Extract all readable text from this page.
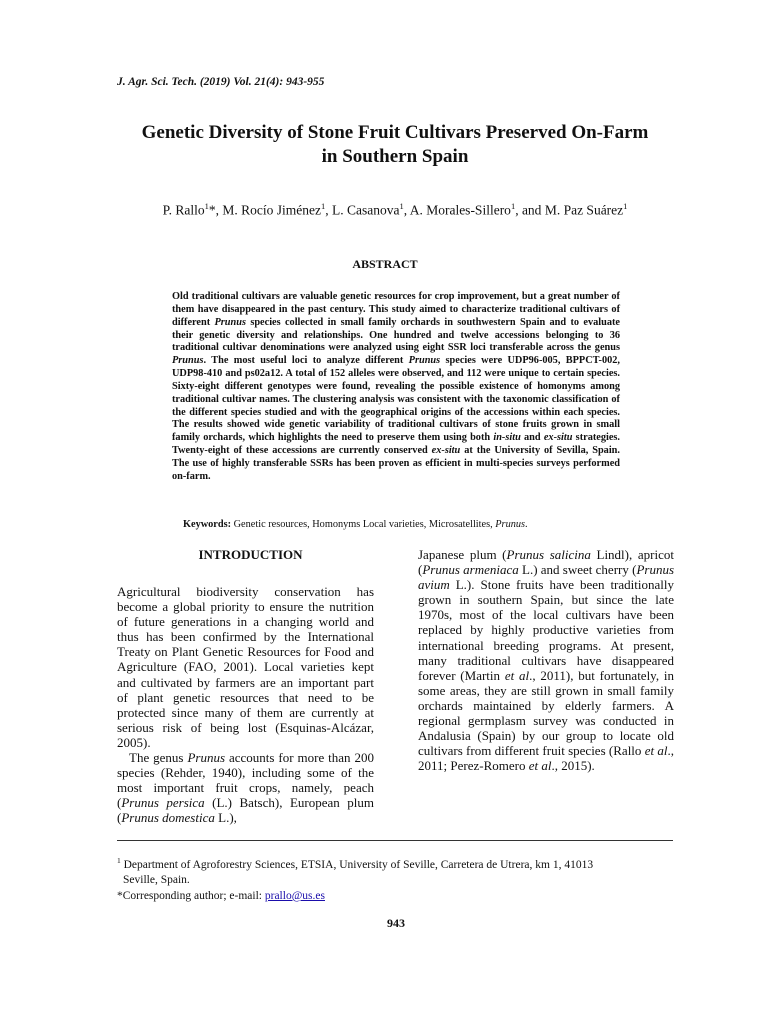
J. Agr. Sci. Tech. (2019) Vol. 21(4): 943-955
Genetic Diversity of Stone Fruit Cultivars Preserved On-Farm
in Southern Spain
P. Rallo$^1$*, M. Rocío Jiménez$^1$, L. Casanova$^1$, A. Morales-Sillero$^1$, and M. Paz Suárez$^1$
ABSTRACT

Old traditional cultivars are valuable genetic resources for crop improvement, but a great number of them have disappeared in the past century. This study aimed to characterize traditional cultivars of different Prunus species collected in small family orchards in southwestern Spain and to evaluate their genetic diversity and relationships. One hundred and twelve accessions belonging to 36 traditional cultivar denominations were analyzed using eight SSR loci transferable across the genus Prunus. The most useful loci to analyze different Prunus species were UDP96-005, BPPCT-002, UDP98-410 and ps02a12. A total of 152 alleles were observed, and 112 were unique to certain species. Sixty-eight different genotypes were found, revealing the possible existence of homonyms among traditional cultivar names. The clustering analysis was consistent with the taxonomic classification of the different species studied and with the geographical origins of the accessions within each species. The results showed wide genetic variability of traditional cultivars of stone fruits grown in small family orchards, which highlights the need to preserve them using both in-situ and ex-situ strategies. Twenty-eight of these accessions are currently conserved ex-situ at the University of Sevilla, Spain. The use of highly transferable SSRs has been proven as efficient in multi-species surveys performed on-farm.

Keywords: Genetic resources, Homonyms Local varieties, Microsatellites, Prunus.
INTRODUCTION

Agricultural biodiversity conservation has become a global priority to ensure the nutrition of future generations in a changing world and thus has been confirmed by the International Treaty on Plant Genetic Resources for Food and Agriculture (FAO, 2001). Local varieties kept and cultivated by farmers are an important part of plant genetic resources that need to be protected since many of them are currently at serious risk of being lost (Esquinas-Alcázar, 2005).

The genus Prunus accounts for more than 200 species (Rehder, 1940), including some of the most important fruit crops, namely, peach (Prunus persica (L.) Batsch), European plum (Prunus domestica L.),

Japanese plum (Prunus salicina Lindl), apricot (Prunus armeniaca L.) and sweet cherry (Prunus avium L.). Stone fruits have been traditionally grown in southern Spain, but since the late 1970s, most of the local cultivars have been replaced by highly productive varieties from international breeding programs. At present, many traditional cultivars have disappeared forever (Martin et al., 2011), but fortunately, in some areas, they are still grown in small family orchards maintained by elderly farmers. A regional germplasm survey was conducted in Andalusia (Spain) by our group to locate old cultivars from different fruit species (Rallo et al., 2011; Perez-Romero et al., 2015).

$^1$ Department of Agroforestry Sciences, ETSIA, University of Seville, Carretera de Utrera, km 1, 41013

Seville, Spain.

*Corresponding author; e-mail: prallo@us.es

943
